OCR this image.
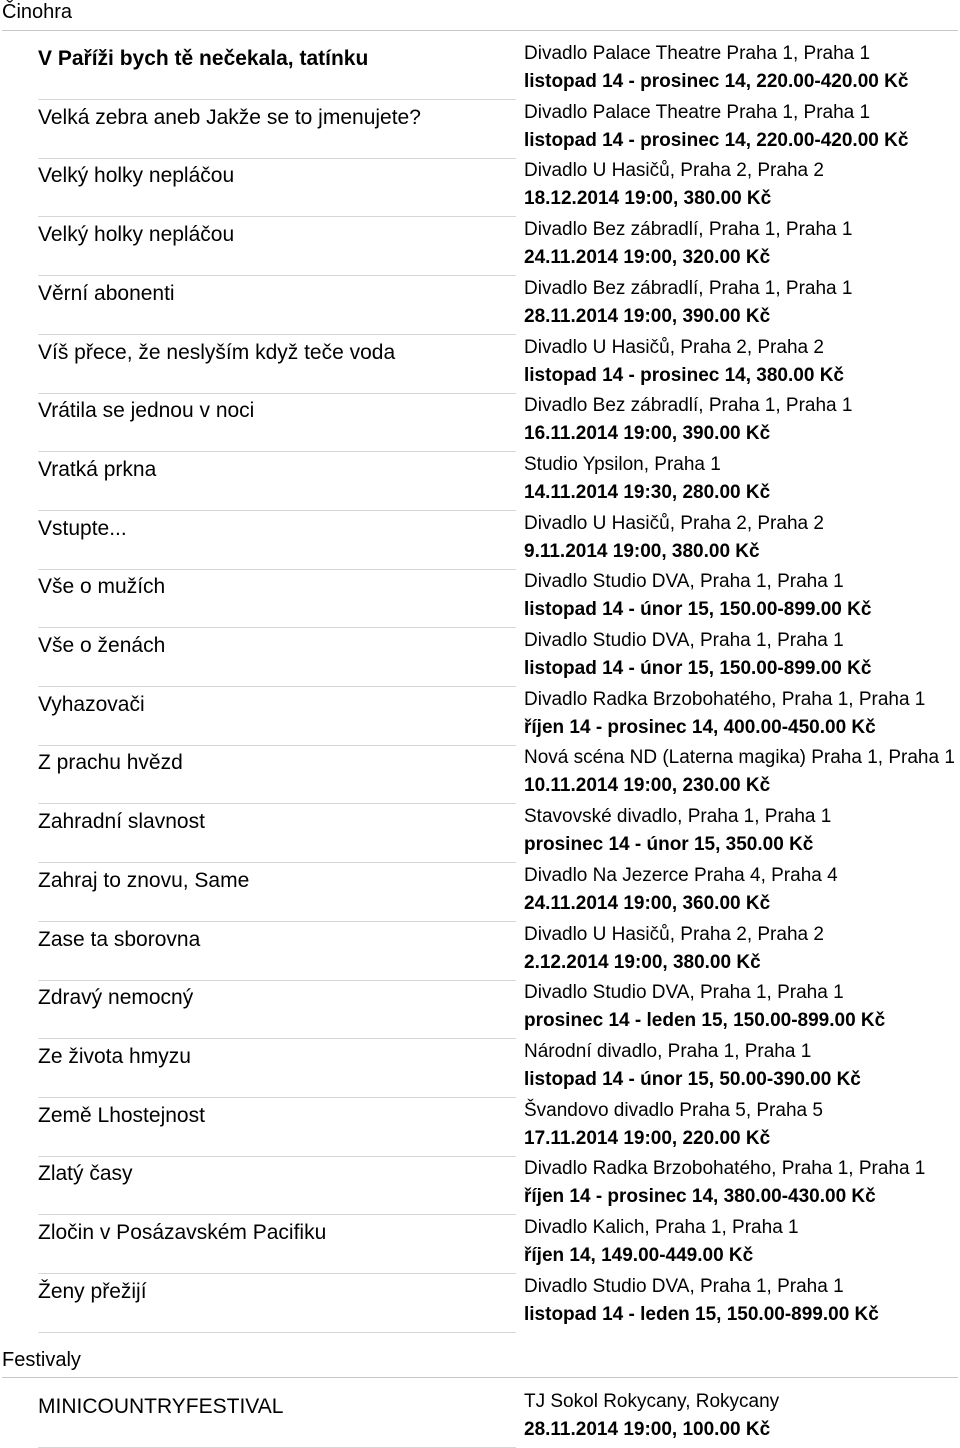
Činohra
V Paříži bych tě nečekala, tatínku	Divadlo Palace Theatre Praha 1, Praha 1
listopad 14 - prosinec 14, 220.00-420.00 Kč
Velká zebra aneb Jakže se to jmenujete?	Divadlo Palace Theatre Praha 1, Praha 1
listopad 14 - prosinec 14, 220.00-420.00 Kč
Velký holky nepláčou	Divadlo U Hasičů, Praha 2, Praha 2
18.12.2014 19:00, 380.00 Kč
Velký holky nepláčou	Divadlo Bez zábradlí, Praha 1, Praha 1
24.11.2014 19:00, 320.00 Kč
Věrní abonenti	Divadlo Bez zábradlí, Praha 1, Praha 1
28.11.2014 19:00, 390.00 Kč
Víš přece, že neslyším když teče voda	Divadlo U Hasičů, Praha 2, Praha 2
listopad 14 - prosinec 14, 380.00 Kč
Vrátila se jednou v noci	Divadlo Bez zábradlí, Praha 1, Praha 1
16.11.2014 19:00, 390.00 Kč
Vratká prkna	Studio Ypsilon, Praha 1
14.11.2014 19:30, 280.00 Kč
Vstupte...	Divadlo U Hasičů, Praha 2, Praha 2
9.11.2014 19:00, 380.00 Kč
Vše o mužích	Divadlo Studio DVA, Praha 1, Praha 1
listopad 14 - únor 15, 150.00-899.00 Kč
Vše o ženách	Divadlo Studio DVA, Praha 1, Praha 1
listopad 14 - únor 15, 150.00-899.00 Kč
Vyhazovači	Divadlo Radka Brzobohatého, Praha 1, Praha 1
říjen 14 - prosinec 14, 400.00-450.00 Kč
Z prachu hvězd	Nová scéna ND (Laterna magika) Praha 1, Praha 1
10.11.2014 19:00, 230.00 Kč
Zahradní slavnost	Stavovské divadlo, Praha 1, Praha 1
prosinec 14 - únor 15, 350.00 Kč
Zahraj to znovu, Same	Divadlo Na Jezerce Praha 4, Praha 4
24.11.2014 19:00, 360.00 Kč
Zase ta sborovna	Divadlo U Hasičů, Praha 2, Praha 2
2.12.2014 19:00, 380.00 Kč
Zdravý nemocný	Divadlo Studio DVA, Praha 1, Praha 1
prosinec 14 - leden 15, 150.00-899.00 Kč
Ze života hmyzu	Národní divadlo, Praha 1, Praha 1
listopad 14 - únor 15, 50.00-390.00 Kč
Země Lhostejnost	Švandovo divadlo Praha 5, Praha 5
17.11.2014 19:00, 220.00 Kč
Zlatý časy	Divadlo Radka Brzobohatého, Praha 1, Praha 1
říjen 14 - prosinec 14, 380.00-430.00 Kč
Zločin v Posázavském Pacifiku	Divadlo Kalich, Praha 1, Praha 1
říjen 14, 149.00-449.00 Kč
Ženy přežijí	Divadlo Studio DVA, Praha 1, Praha 1
listopad 14 - leden 15, 150.00-899.00 Kč
Festivaly
MINICOUNTRYFESTIVAL	TJ Sokol Rokycany, Rokycany
28.11.2014 19:00, 100.00 Kč
